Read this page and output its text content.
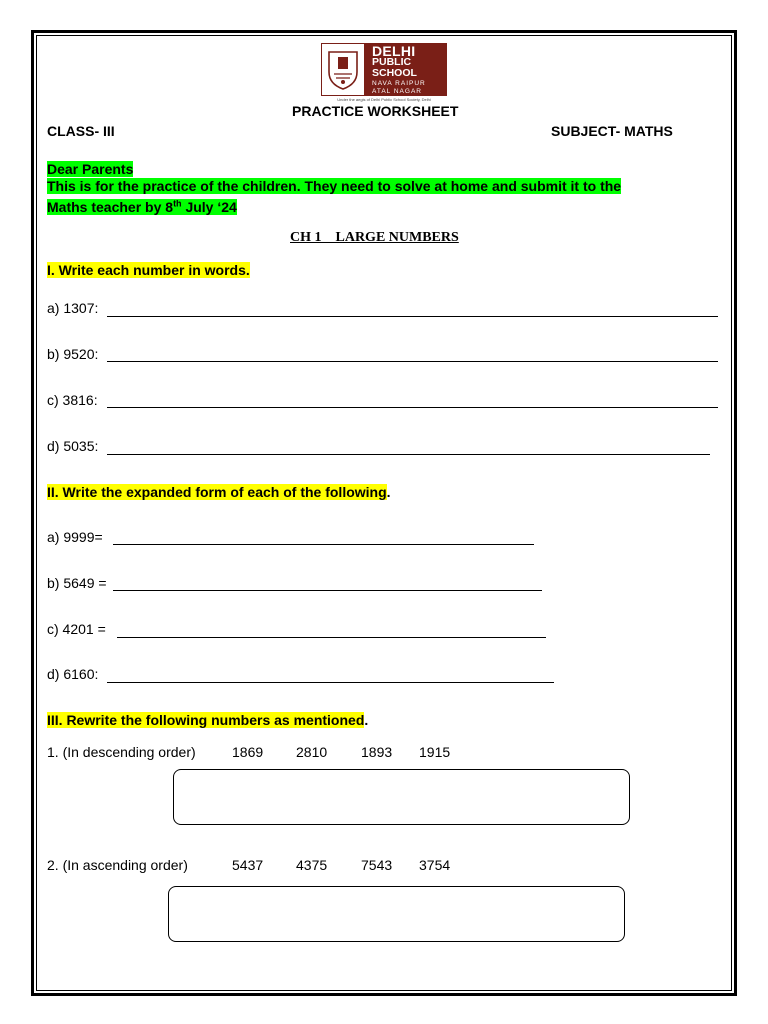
DELHI
PUBLIC
SCHOOL
NAVA RAIPUR
ATAL NAGAR
Under the aegis of Delhi Public School Society, Delhi
PRACTICE WORKSHEET
CLASS- III	SUBJECT- MATHS
Dear Parents
This is for the practice of the children. They need to solve at home and submit it to the
Maths teacher by 8th July ‘24
CH 1    LARGE NUMBERS
I. Write each number in words.
a) 1307:
b) 9520:
c) 3816:
d) 5035:
II. Write the expanded form of each of the following.
a) 9999=
b) 5649 =
c) 4201 =
d) 6160:
III. Rewrite the following numbers as mentioned.
1. (In descending order)	1869 2810 1893 1915
2. (In ascending order)	5437 4375 7543 3754
